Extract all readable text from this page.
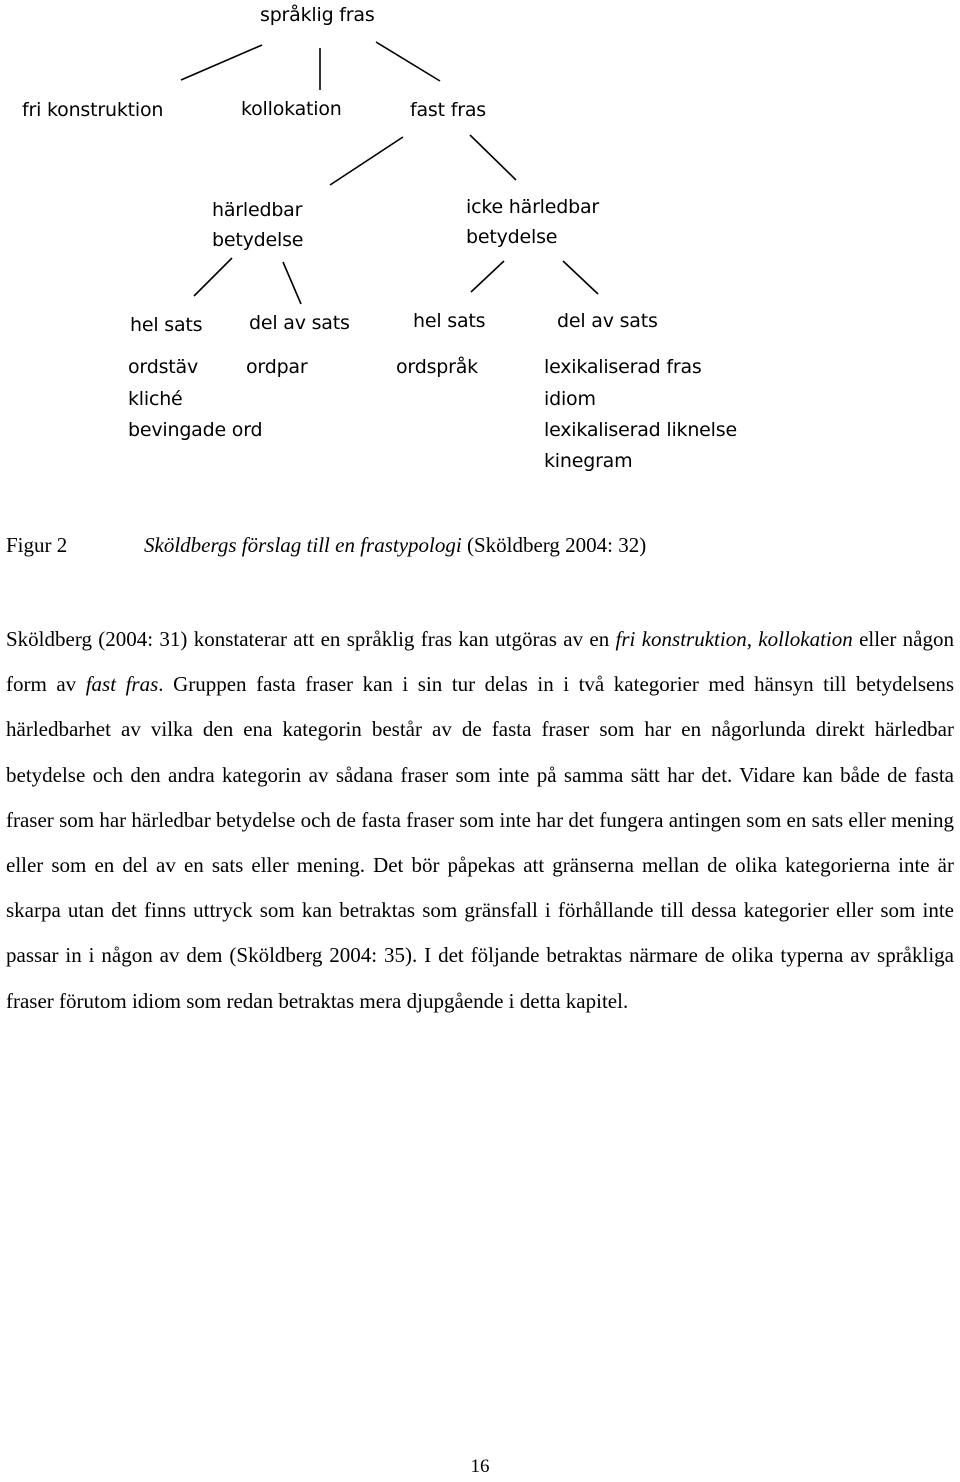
språklig fras
fri konstruktion	kollokation	fast fras
härledbar
betydelse
icke härledbar
betydelse
hel sats del av sats	hel sats	del av sats
ordstäv
kliché
bevingade ord
ordpar	ordspråk	lexikaliserad fras
idiom
lexikaliserad liknelse
kinegram
Figur 2	Sköldbergs förslag till en frastypologi (Sköldberg 2004: 32)
Sköldberg (2004: 31) konstaterar att en språklig fras kan utgöras av en fri konstruktion, kollokation eller någon form av fast fras. Gruppen fasta fraser kan i sin tur delas in i två kategorier med hänsyn till betydelsens härledbarhet av vilka den ena kategorin består av de fasta fraser som har en någorlunda direkt härledbar betydelse och den andra kategorin av sådana fraser som inte på samma sätt har det. Vidare kan både de fasta fraser som har härledbar betydelse och de fasta fraser som inte har det fungera antingen som en sats eller mening eller som en del av en sats eller mening. Det bör påpekas att gränserna mellan de olika kategorierna inte är skarpa utan det finns uttryck som kan betraktas som gränsfall i förhållande till dessa kategorier eller som inte passar in i någon av dem (Sköldberg 2004: 35). I det följande betraktas närmare de olika typerna av språkliga fraser förutom idiom som redan betraktas mera djupgående i detta kapitel.
16
